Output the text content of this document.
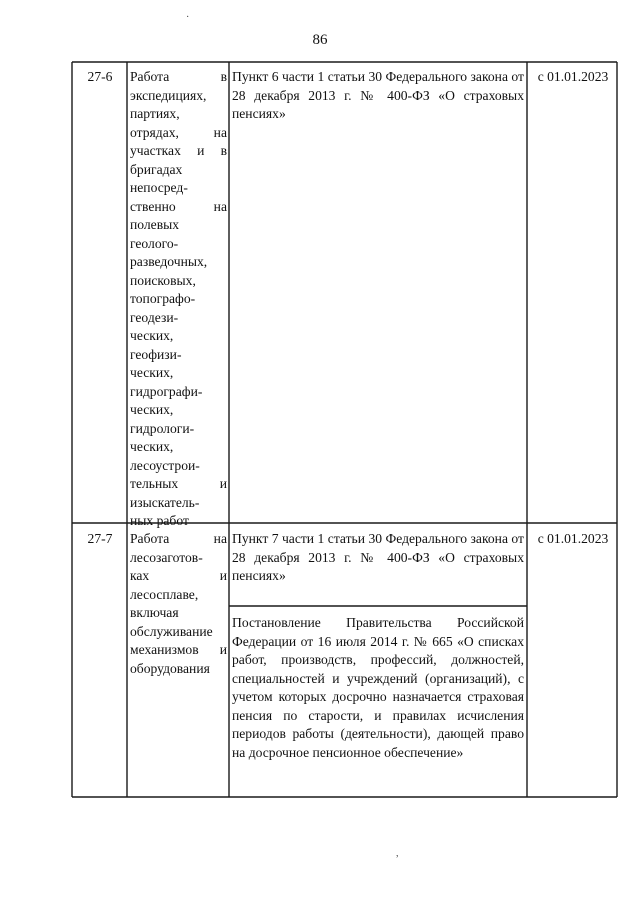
86
27-6	Работа в
экспедициях,
партиях,
отрядах, на
участках и в
бригадах
непосред-
ственно на
полевых
геолого-
разведочных,
поисковых,
топографо-
геодези-
ческих,
геофизи-
ческих,
гидрографи-
ческих,
гидрологи-
ческих,
лесоустрои-
тельных и
изыскатель-
ных работ
Пункт 6 части 1 статьи 30 Федерального закона от 28 декабря 2013 г. № 400-ФЗ «О страховых пенсиях»
с 01.01.2023
27-7	Работа на
лесозаготов-
ках и
лесосплаве,
включая
обслуживание
механизмов и
оборудования
Пункт 7 части 1 статьи 30 Федерального закона от 28 декабря 2013 г. № 400-ФЗ «О страховых пенсиях»
Постановление Правительства Российской Федерации от 16 июля 2014 г. № 665 «О списках работ, производств, профессий, должностей, специальностей и учреждений (организаций), с учетом которых досрочно назначается страховая пенсия по старости, и правилах исчисления периодов работы (деятельности), дающей право на досрочное пенсионное обеспечение»
с 01.01.2023
·
,
